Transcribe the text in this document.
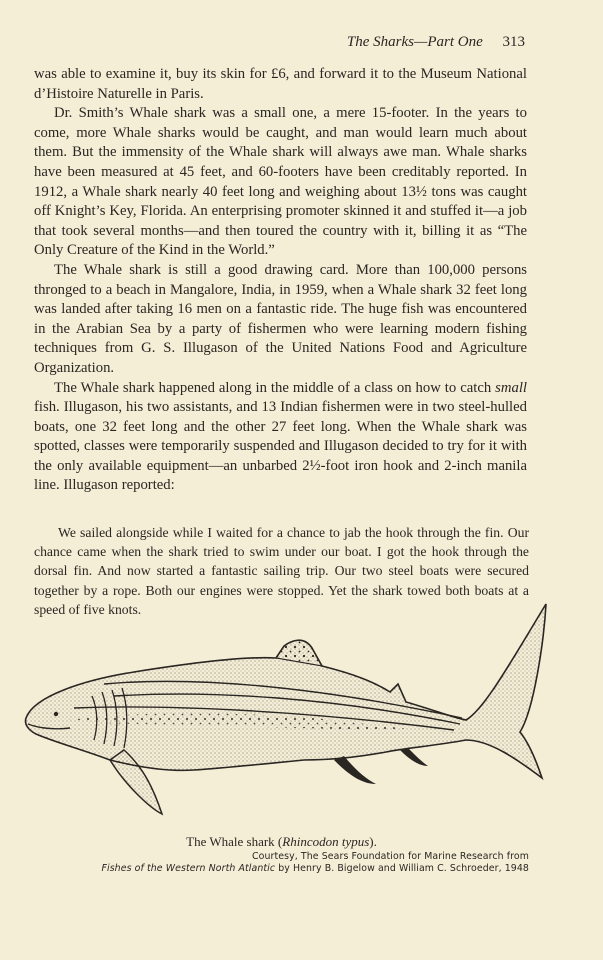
The Sharks—Part One 313

was able to examine it, buy its skin for £6, and forward it to the Museum National d’Histoire Naturelle in Paris.

Dr. Smith’s Whale shark was a small one, a mere 15-footer. In the years to come, more Whale sharks would be caught, and man would learn much about them. But the immensity of the Whale shark will always awe man. Whale sharks have been measured at 45 feet, and 60-footers have been creditably reported. In 1912, a Whale shark nearly 40 feet long and weighing about 13½ tons was caught off Knight’s Key, Florida. An enterprising promoter skinned it and stuffed it—a job that took several months—and then toured the country with it, billing it as “The Only Creature of the Kind in the World.”

The Whale shark is still a good drawing card. More than 100,000 persons thronged to a beach in Mangalore, India, in 1959, when a Whale shark 32 feet long was landed after taking 16 men on a fantastic ride. The huge fish was encountered in the Arabian Sea by a party of fishermen who were learning modern fishing techniques from G. S. Illugason of the United Nations Food and Agriculture Organization.

The Whale shark happened along in the middle of a class on how to catch small fish. Illugason, his two assistants, and 13 Indian fishermen were in two steel-hulled boats, one 32 feet long and the other 27 feet long. When the Whale shark was spotted, classes were temporarily suspended and Illugason decided to try for it with the only available equipment—an unbarbed 2½-foot iron hook and 2-inch manila line. Illugason reported:

We sailed alongside while I waited for a chance to jab the hook through the fin. Our chance came when the shark tried to swim under our boat. I got the hook through the dorsal fin. And now started a fantastic sailing trip. Our two steel boats were secured together by a rope. Both our engines were stopped. Yet the shark towed both boats at a speed of five knots.

The Whale shark (Rhincodon typus).
Courtesy, The Sears Foundation for Marine Research from
Fishes of the Western North Atlantic by Henry B. Bigelow and William C. Schroeder, 1948
